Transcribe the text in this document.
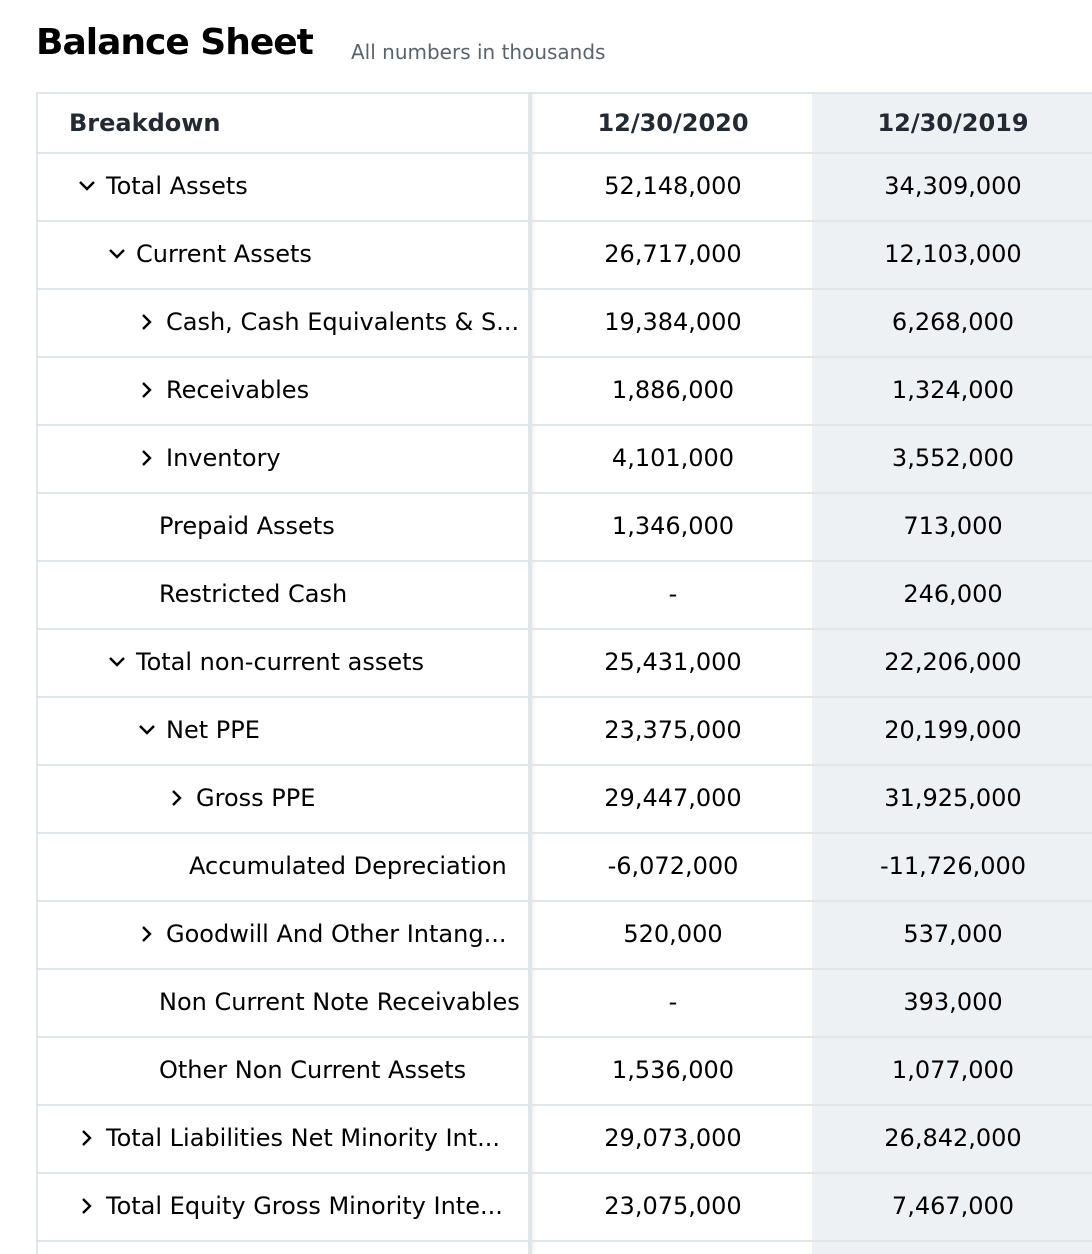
Balance Sheet All numbers in thousands
Breakdown	12/30/2020	12/30/2019
Total Assets	52,148,000	34,309,000
Current Assets	26,717,000	12,103,000
Cash, Cash Equivalents & S...	19,384,000	6,268,000
Receivables	1,886,000	1,324,000
Inventory	4,101,000	3,552,000
Prepaid Assets	1,346,000	713,000
Restricted Cash	-	246,000
Total non-current assets	25,431,000	22,206,000
Net PPE	23,375,000	20,199,000
Gross PPE	29,447,000	31,925,000
Accumulated Depreciation	-6,072,000	-11,726,000
Goodwill And Other Intang...	520,000	537,000
Non Current Note Receivables	-	393,000
Other Non Current Assets	1,536,000	1,077,000
Total Liabilities Net Minority Int...	29,073,000	26,842,000
Total Equity Gross Minority Inte...	23,075,000	7,467,000
